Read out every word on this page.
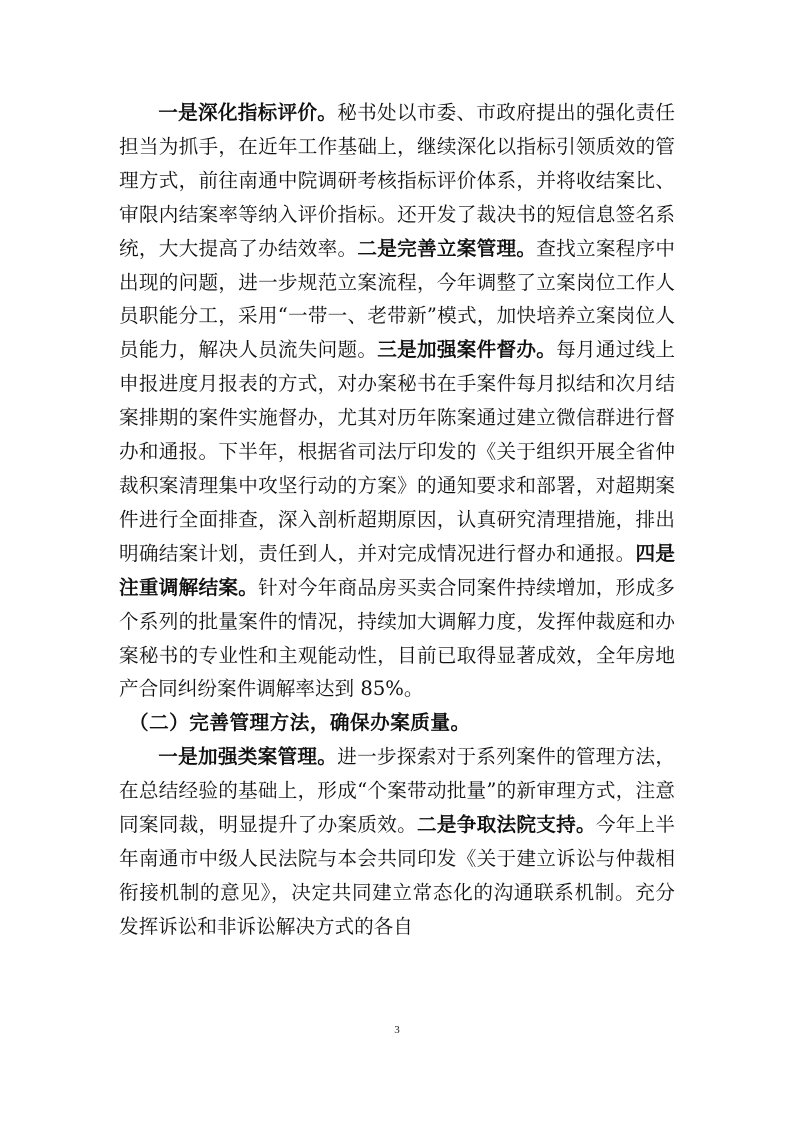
一是深化指标评价。秘书处以市委、市政府提出的强化责任担当为抓手，在近年工作基础上，继续深化以指标引领质效的管理方式，前往南通中院调研考核指标评价体系，并将收结案比、审限内结案率等纳入评价指标。还开发了裁决书的短信息签名系统，大大提高了办结效率。二是完善立案管理。查找立案程序中出现的问题，进一步规范立案流程，今年调整了立案岗位工作人员职能分工，采用“一带一、老带新”模式，加快培养立案岗位人员能力，解决人员流失问题。三是加强案件督办。每月通过线上申报进度月报表的方式，对办案秘书在手案件每月拟结和次月结案排期的案件实施督办，尤其对历年陈案通过建立微信群进行督办和通报。下半年，根据省司法厅印发的《关于组织开展全省仲裁积案清理集中攻坚行动的方案》的通知要求和部署，对超期案件进行全面排查，深入剖析超期原因，认真研究清理措施，排出明确结案计划，责任到人，并对完成情况进行督办和通报。四是注重调解结案。针对今年商品房买卖合同案件持续增加，形成多个系列的批量案件的情况，持续加大调解力度，发挥仲裁庭和办案秘书的专业性和主观能动性，目前已取得显著成效，全年房地产合同纠纷案件调解率达到 85%。

（二）完善管理方法，确保办案质量。

一是加强类案管理。进一步探索对于系列案件的管理方法，在总结经验的基础上，形成“个案带动批量”的新审理方式，注意同案同裁，明显提升了办案质效。二是争取法院支持。今年上半年南通市中级人民法院与本会共同印发《关于建立诉讼与仲裁相衔接机制的意见》，决定共同建立常态化的沟通联系机制。充分发挥诉讼和非诉讼解决方式的各自

3
